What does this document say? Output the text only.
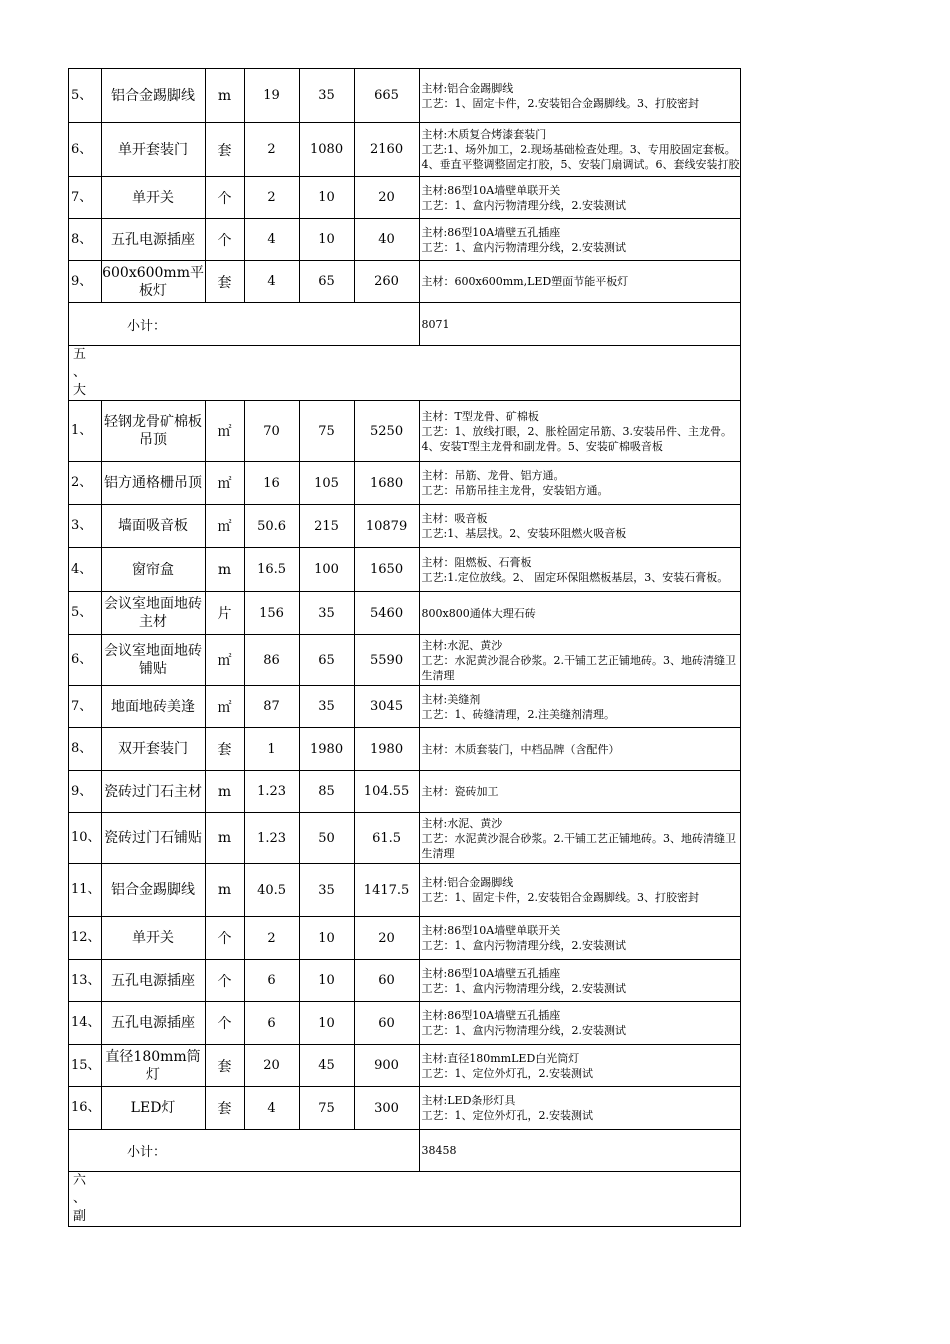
5、	铝合金踢脚线	m	19	35	665	主材:铝合金踢脚线
工艺：1、固定卡件，2.安装铝合金踢脚线。3、打胶密封

6、	单开套装门	套	2	1080	2160	主材:木质复合烤漆套装门
工艺:1、场外加工，2.现场基础检查处理。3、专用胶固定套板。4、垂直平整调整固定打胶，5、安装门扇调试。6、套线安装打胶

7、	单开关	个	2	10	20	主材:86型10A墙壁单联开关
工艺：1、盒内污物清理分线，2.安装测试

8、	五孔电源插座	个	4	10	40	主材:86型10A墙壁五孔插座
工艺：1、盒内污物清理分线，2.安装测试

9、	600x600mm平板灯	套	4	65	260	主材：600x600mm,LED塑面节能平板灯

小计：						8071

五
、
大						

1、	轻钢龙骨矿棉板吊顶	㎡	70	75	5250	主材：T型龙骨、矿棉板
工艺：1、放线打眼，2、胀栓固定吊筋、3.安装吊件、主龙骨。4、安装T型主龙骨和副龙骨。5、安装矿棉吸音板

2、	铝方通格栅吊顶	㎡	16	105	1680	主材：吊筋、龙骨、铝方通。
工艺：吊筋吊挂主龙骨，安装铝方通。

3、	墙面吸音板	㎡	50.6	215	10879	主材：吸音板
工艺:1、基层找。2、安装环阻燃火吸音板

4、	窗帘盒	m	16.5	100	1650	主材：阻燃板、石膏板
工艺:1.定位放线。2、 固定环保阻燃板基层，3、安装石膏板。

5、	会议室地面地砖主材	片	156	35	5460	800x800通体大理石砖

6、	会议室地面地砖铺贴	㎡	86	65	5590	主材:水泥、黄沙
工艺：水泥黄沙混合砂浆。2.干铺工艺正铺地砖。3、地砖清缝卫生清理

7、	地面地砖美逢	㎡	87	35	3045	主材:美缝剂
工艺：1、砖缝清理，2.注美缝剂清理。

8、	双开套装门	套	1	1980	1980	主材：木质套装门，中档品牌（含配件）

9、	瓷砖过门石主材	m	1.23	85	104.55	主材：瓷砖加工

10、	瓷砖过门石铺贴	m	1.23	50	61.5	主材:水泥、黄沙
工艺：水泥黄沙混合砂浆。2.干铺工艺正铺地砖。3、地砖清缝卫生清理

11、	铝合金踢脚线	m	40.5	35	1417.5	主材:铝合金踢脚线
工艺：1、固定卡件，2.安装铝合金踢脚线。3、打胶密封

12、	单开关	个	2	10	20	主材:86型10A墙壁单联开关
工艺：1、盒内污物清理分线，2.安装测试

13、	五孔电源插座	个	6	10	60	主材:86型10A墙壁五孔插座
工艺：1、盒内污物清理分线，2.安装测试

14、	五孔电源插座	个	6	10	60	主材:86型10A墙壁五孔插座
工艺：1、盒内污物清理分线，2.安装测试

15、	直径180mm筒灯	套	20	45	900	主材:直径180mmLED白光筒灯
工艺：1、定位外灯孔，2.安装测试

16、	LED灯	套	4	75	300	主材:LED条形灯具
工艺：1、定位外灯孔，2.安装测试

小计：						38458

六
、
副						
